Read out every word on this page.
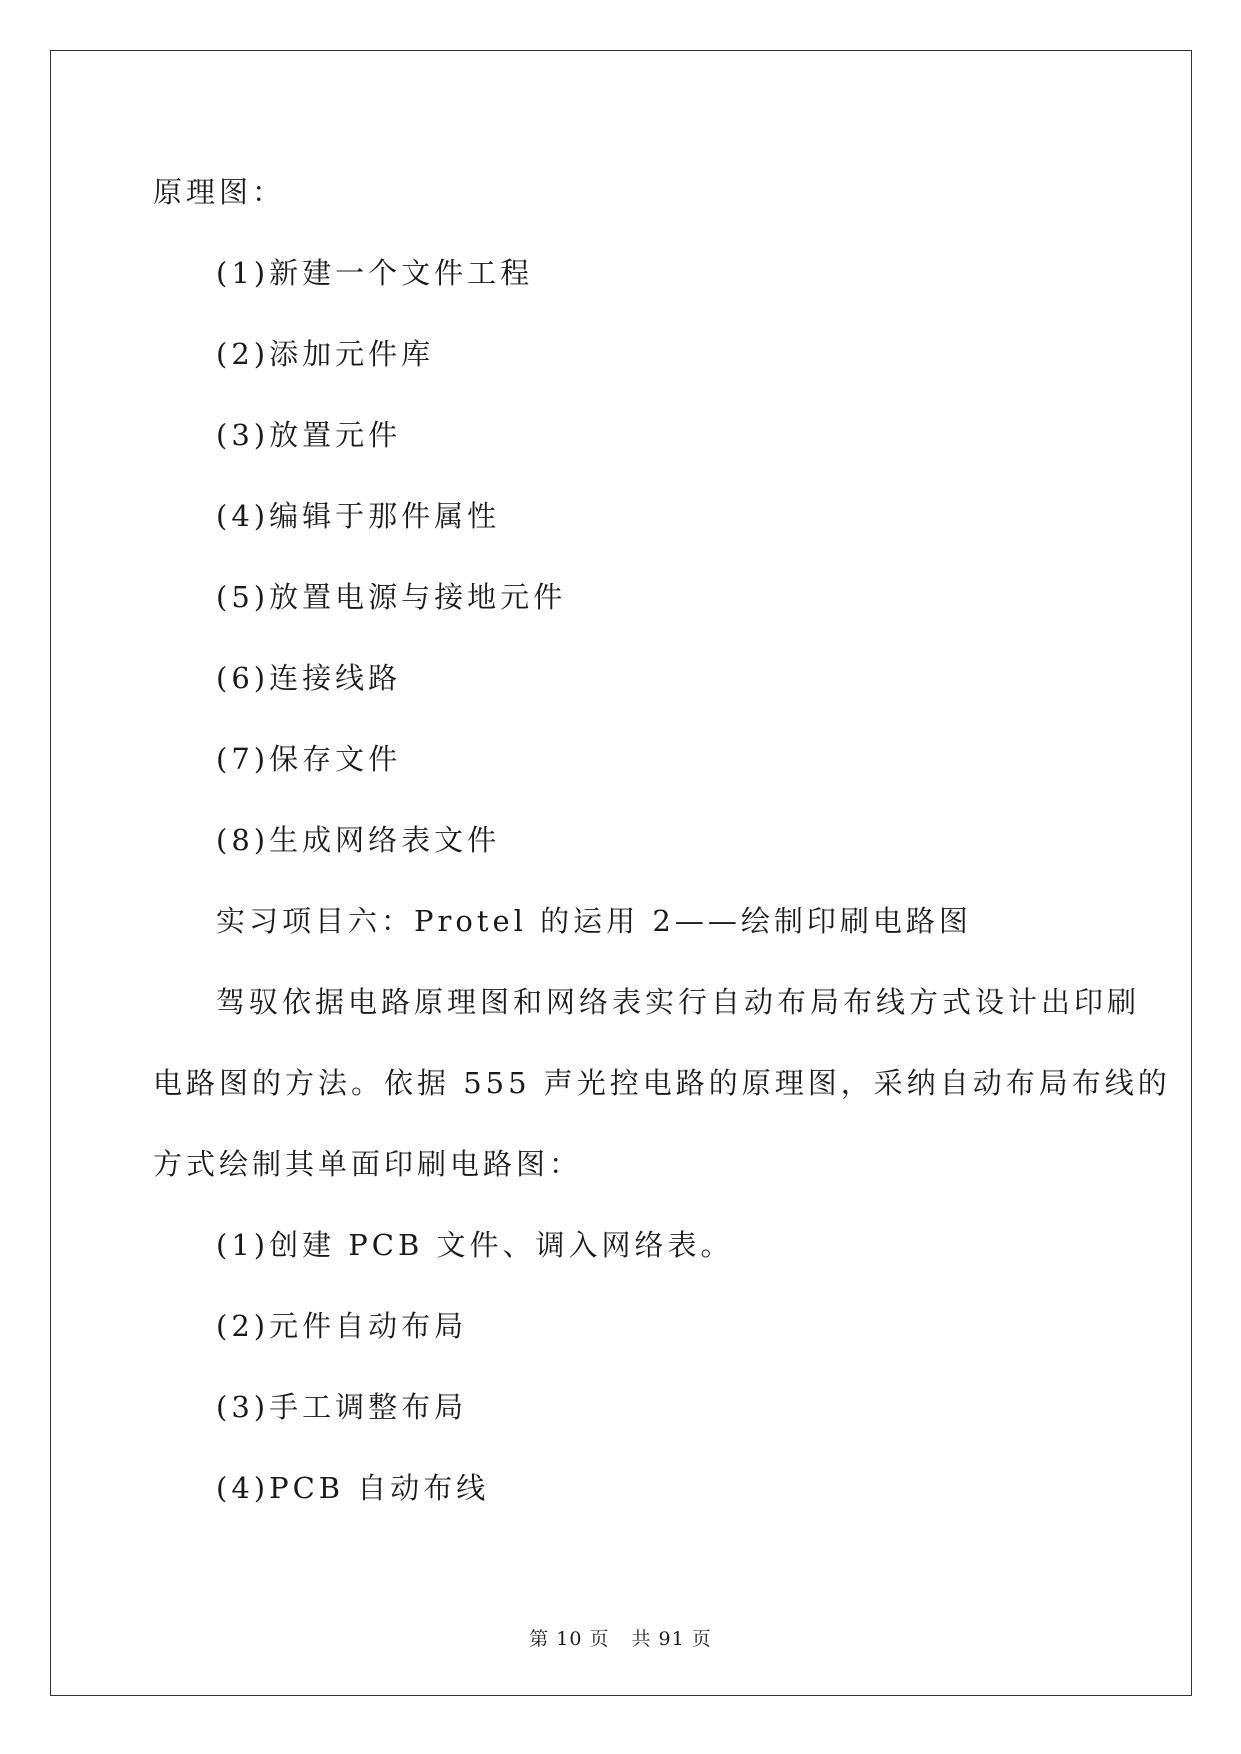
原理图：
(1)新建一个文件工程
(2)添加元件库
(3)放置元件
(4)编辑于那件属性
(5)放置电源与接地元件
(6)连接线路
(7)保存文件
(8)生成网络表文件
实习项目六：Protel 的运用 2——绘制印刷电路图
驾驭依据电路原理图和网络表实行自动布局布线方式设计出印刷
电路图的方法。依据 555 声光控电路的原理图，采纳自动布局布线的
方式绘制其单面印刷电路图：
(1)创建 PCB 文件、调入网络表。
(2)元件自动布局
(3)手工调整布局
(4)PCB 自动布线
第 10 页 共 91 页
